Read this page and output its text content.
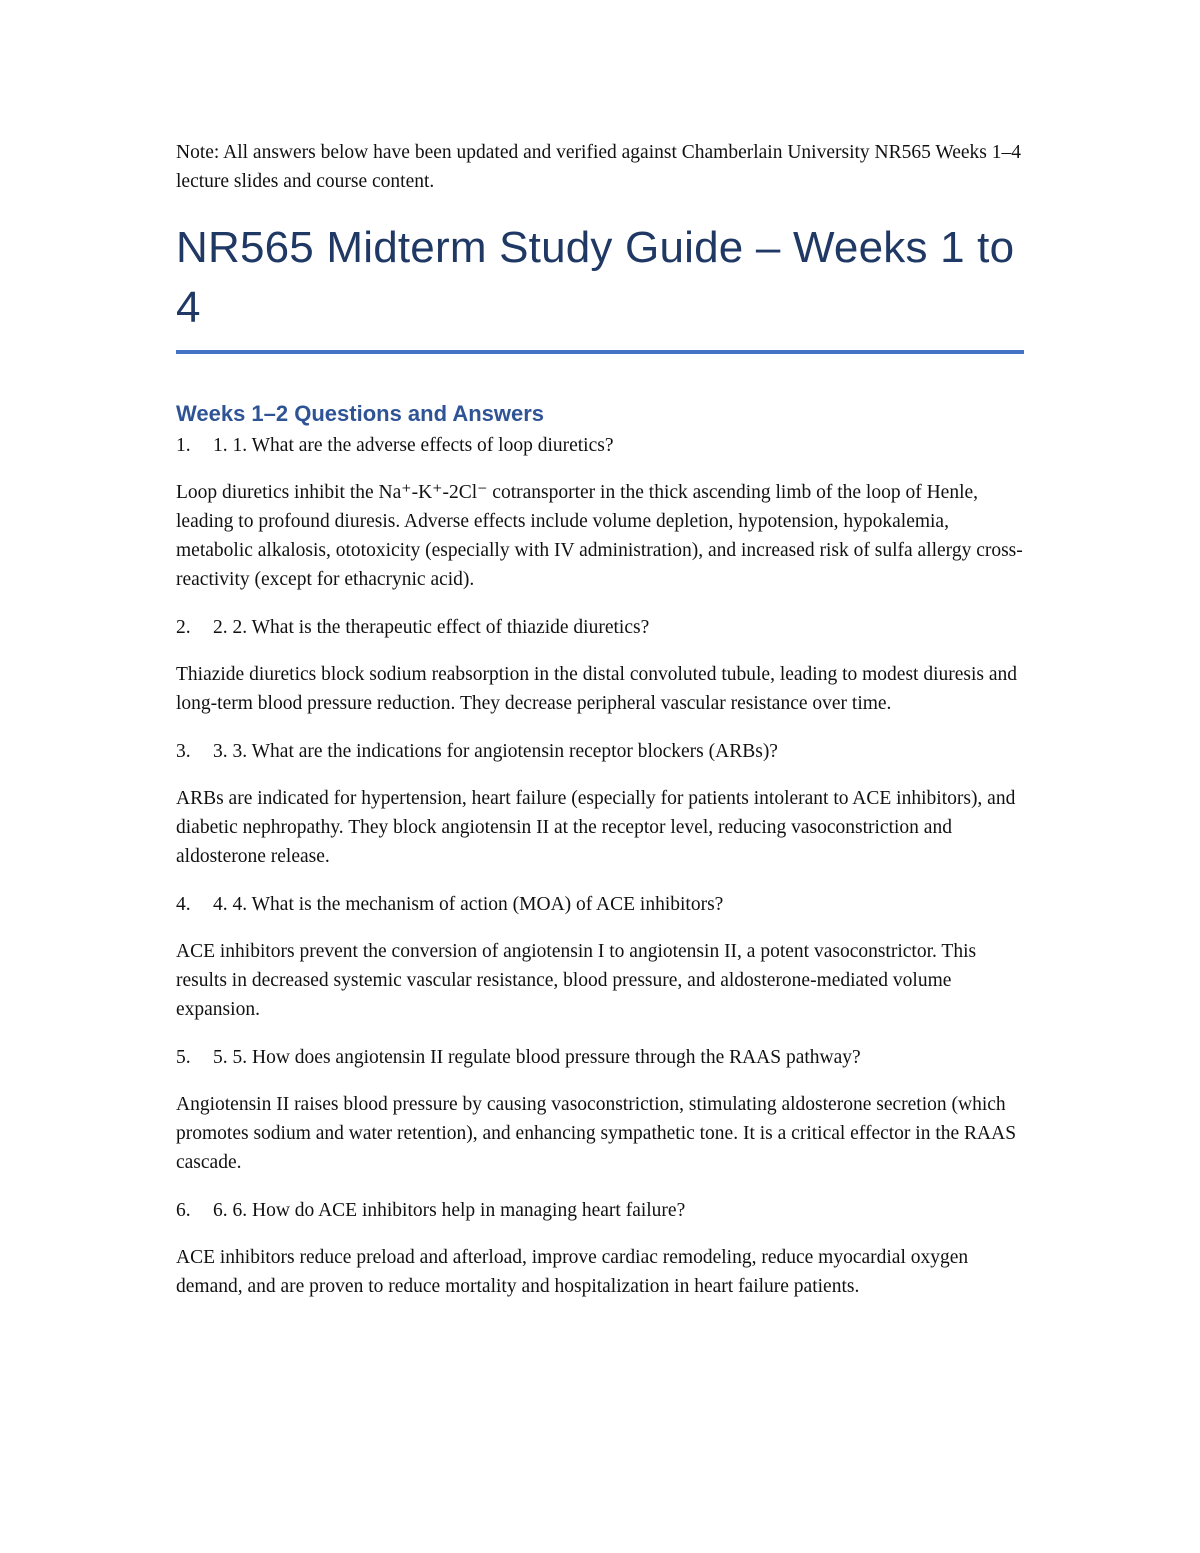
Note: All answers below have been updated and verified against Chamberlain University NR565 Weeks 1–4 lecture slides and course content.

NR565 Midterm Study Guide – Weeks 1 to 4
Weeks 1–2 Questions and Answers
1.	1. 1. What are the adverse effects of loop diuretics?

Loop diuretics inhibit the Na⁺-K⁺-2Cl⁻ cotransporter in the thick ascending limb of the loop of Henle, leading to profound diuresis. Adverse effects include volume depletion, hypotension, hypokalemia, metabolic alkalosis, ototoxicity (especially with IV administration), and increased risk of sulfa allergy cross-reactivity (except for ethacrynic acid).

2.	2. 2. What is the therapeutic effect of thiazide diuretics?

Thiazide diuretics block sodium reabsorption in the distal convoluted tubule, leading to modest diuresis and long-term blood pressure reduction. They decrease peripheral vascular resistance over time.

3.	3. 3. What are the indications for angiotensin receptor blockers (ARBs)?

ARBs are indicated for hypertension, heart failure (especially for patients intolerant to ACE inhibitors), and diabetic nephropathy. They block angiotensin II at the receptor level, reducing vasoconstriction and aldosterone release.

4.	4. 4. What is the mechanism of action (MOA) of ACE inhibitors?

ACE inhibitors prevent the conversion of angiotensin I to angiotensin II, a potent vasoconstrictor. This results in decreased systemic vascular resistance, blood pressure, and aldosterone-mediated volume expansion.

5.	5. 5. How does angiotensin II regulate blood pressure through the RAAS pathway?

Angiotensin II raises blood pressure by causing vasoconstriction, stimulating aldosterone secretion (which promotes sodium and water retention), and enhancing sympathetic tone. It is a critical effector in the RAAS cascade.

6.	6. 6. How do ACE inhibitors help in managing heart failure?

ACE inhibitors reduce preload and afterload, improve cardiac remodeling, reduce myocardial oxygen demand, and are proven to reduce mortality and hospitalization in heart failure patients.
